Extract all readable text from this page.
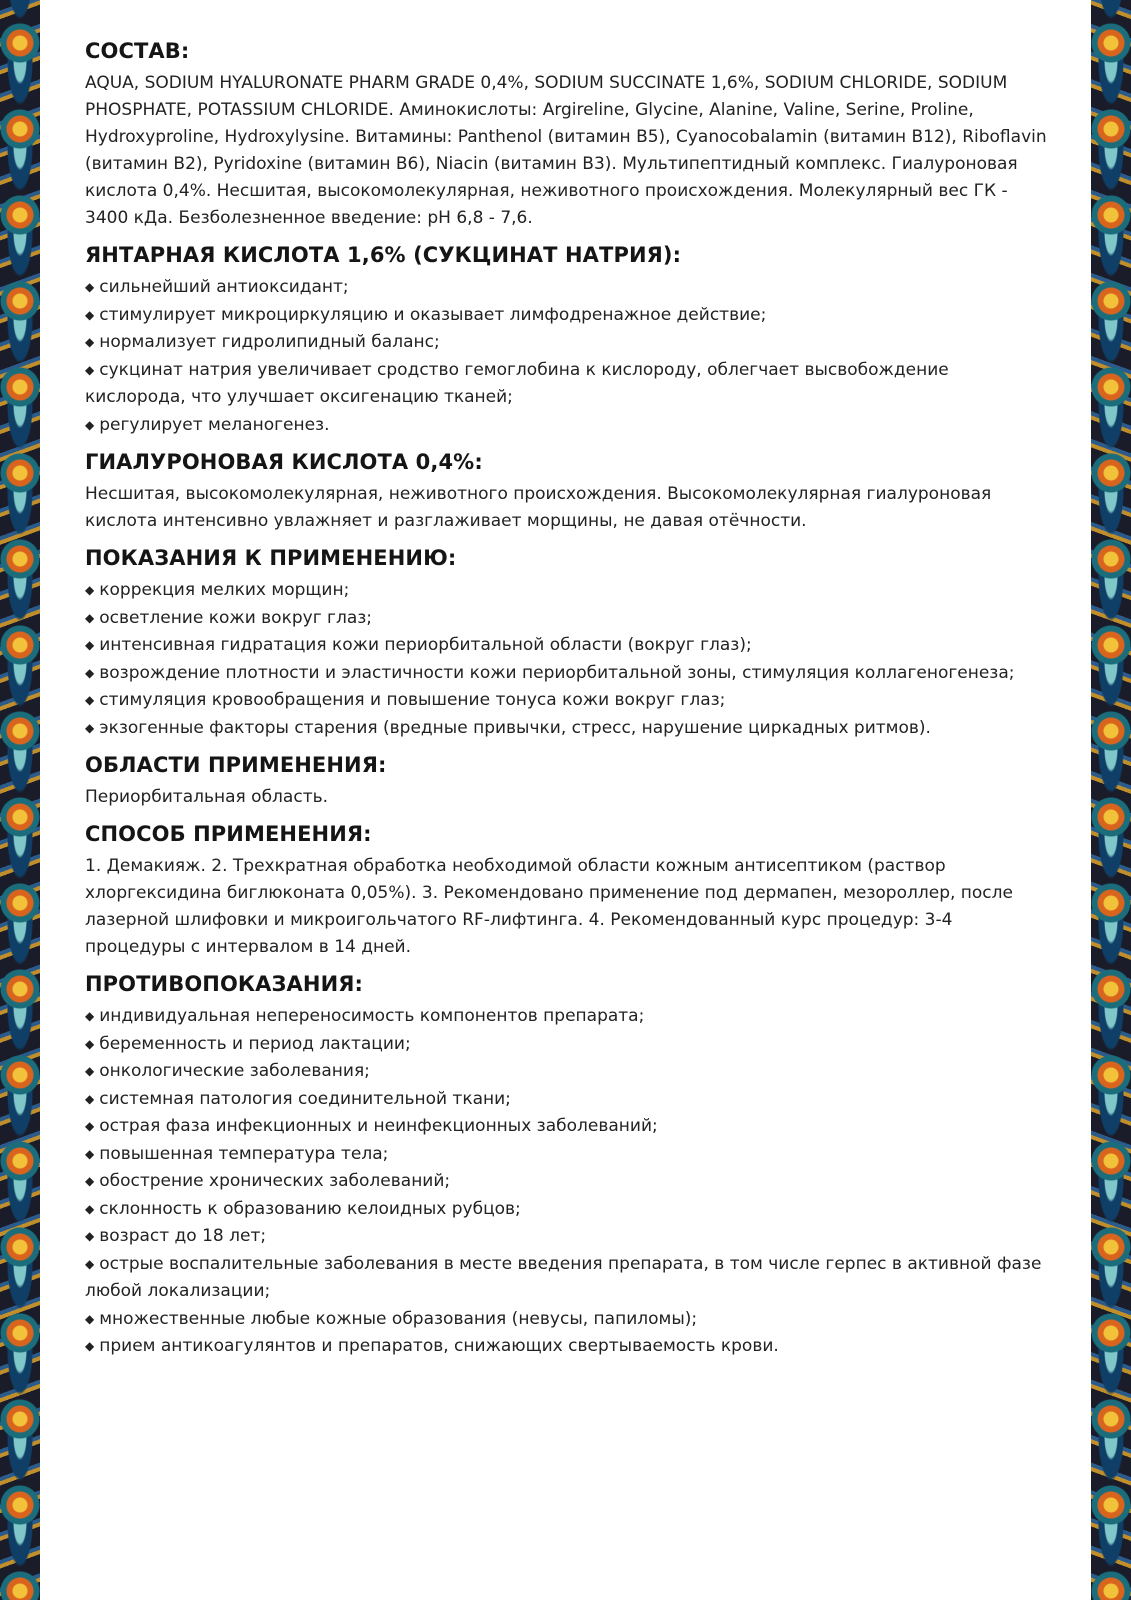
СОСТАВ:

AQUA, SODIUM HYALURONATE PHARM GRADE 0,4%, SODIUM SUCCINATE 1,6%, SODIUM CHLORIDE, SODIUM PHOSPHATE, POTASSIUM CHLORIDE. Аминокислоты: Argireline, Glycine, Alanine, Valine, Serine, Proline, Hydroxyproline, Hydroxylysine. Витамины: Panthenol (витамин B5), Cyanocobalamin (витамин B12), Riboflavin (витамин B2), Pyridoxine (витамин B6), Niacin (витамин B3). Мультипептидный комплекс. Гиалуроновая кислота 0,4%. Несшитая, высокомолекулярная, неживотного происхождения. Молекулярный вес ГК - 3400 кДа. Безболезненное введение: pH 6,8 - 7,6.

ЯНТАРНАЯ КИСЛОТА 1,6% (СУКЦИНАТ НАТРИЯ):
◆ сильнейший антиоксидант;
◆ стимулирует микроциркуляцию и оказывает лимфодренажное действие;
◆ нормализует гидролипидный баланс;
◆ сукцинат натрия увеличивает сродство гемоглобина к кислороду, облегчает высвобождение кислорода, что улучшает оксигенацию тканей;
◆ регулирует меланогенез.
ГИАЛУРОНОВАЯ КИСЛОТА 0,4%:

Несшитая, высокомолекулярная, неживотного происхождения. Высокомолекулярная гиалуроновая кислота интенсивно увлажняет и разглаживает морщины, не давая отёчности.

ПОКАЗАНИЯ К ПРИМЕНЕНИЮ:
◆ коррекция мелких морщин;
◆ осветление кожи вокруг глаз;
◆ интенсивная гидратация кожи периорбитальной области (вокруг глаз);
◆ возрождение плотности и эластичности кожи периорбитальной зоны, стимуляция коллагеногенеза;
◆ стимуляция кровообращения и повышение тонуса кожи вокруг глаз;
◆ экзогенные факторы старения (вредные привычки, стресс, нарушение циркадных ритмов).
ОБЛАСТИ ПРИМЕНЕНИЯ:

Периорбитальная область.

СПОСОБ ПРИМЕНЕНИЯ:

1. Демакияж. 2. Трехкратная обработка необходимой области кожным антисептиком (раствор хлоргексидина биглюконата 0,05%). 3. Рекомендовано применение под дермапен, мезороллер, после лазерной шлифовки и микроигольчатого RF-лифтинга. 4. Рекомендованный курс процедур: 3-4 процедуры с интервалом в 14 дней.

ПРОТИВОПОКАЗАНИЯ:
◆ индивидуальная непереносимость компонентов препарата;
◆ беременность и период лактации;
◆ онкологические заболевания;
◆ системная патология соединительной ткани;
◆ острая фаза инфекционных и неинфекционных заболеваний;
◆ повышенная температура тела;
◆ обострение хронических заболеваний;
◆ склонность к образованию келоидных рубцов;
◆ возраст до 18 лет;
◆ острые воспалительные заболевания в месте введения препарата, в том числе герпес в активной фазе любой локализации;
◆ множественные любые кожные образования (невусы, папиломы);
◆ прием антикоагулянтов и препаратов, снижающих свертываемость крови.
